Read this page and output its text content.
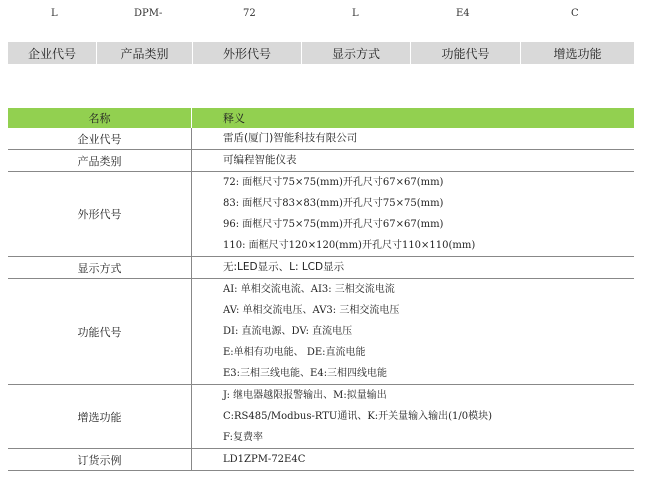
L	DPM-	72	L	E4	C
企业代号	产品类别	外形代号	显示方式	功能代号	增选功能
名称	释义
企业代号	雷盾(厦门)智能科技有限公司

产品类别	可编程智能仪表

外形代号	72: 面框尺寸75×75(mm)开孔尺寸67×67(mm)
83: 面框尺寸83×83(mm)开孔尺寸75×75(mm)
96: 面框尺寸75×75(mm)开孔尺寸67×67(mm)
110: 面框尺寸120×120(mm)开孔尺寸110×110(mm)

显示方式	无:LED显示、L: LCD显示

功能代号	AI: 单相交流电流、AI3: 三相交流电流
AV: 单相交流电压、AV3: 三相交流电压
DI: 直流电源、DV: 直流电压
E:单相有功电能、 DE:直流电能
E3:三相三线电能、E4:三相四线电能

增选功能	J: 继电器越限报警输出、M:拟量输出
C:RS485/Modbus-RTU通讯、K:开关量输入输出(1/0模块)
F:复费率

订货示例	LD1ZPM-72E4C
